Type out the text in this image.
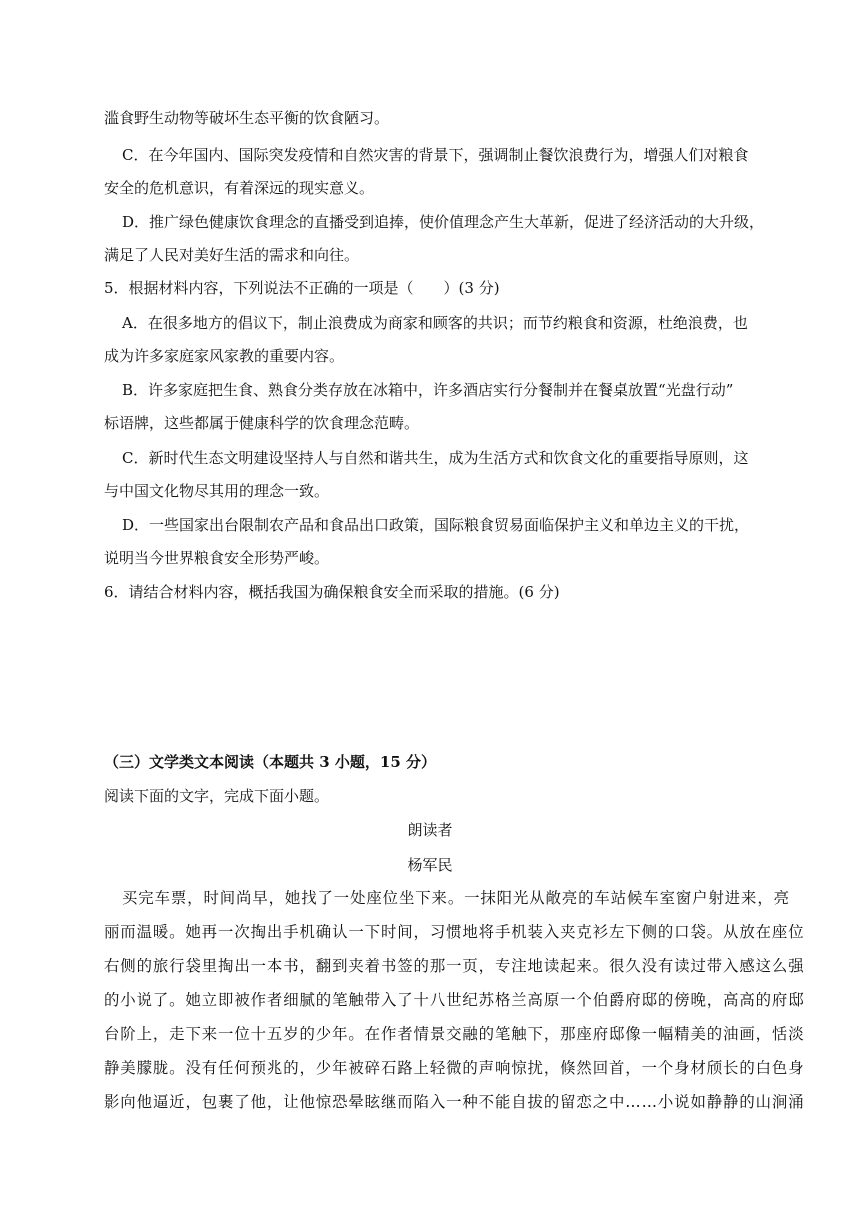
滥食野生动物等破坏生态平衡的饮食陋习。
C．在今年国内、国际突发疫情和自然灾害的背景下，强调制止餐饮浪费行为，增强人们对粮食
安全的危机意识，有着深远的现实意义。
D．推广绿色健康饮食理念的直播受到追捧，使价值理念产生大革新，促进了经济活动的大升级，
满足了人民对美好生活的需求和向往。
5．根据材料内容，下列说法不正确的一项是（　　）(3 分)
A．在很多地方的倡议下，制止浪费成为商家和顾客的共识；而节约粮食和资源，杜绝浪费，也
成为许多家庭家风家教的重要内容。
B．许多家庭把生食、熟食分类存放在冰箱中，许多酒店实行分餐制并在餐桌放置“光盘行动”
标语牌，这些都属于健康科学的饮食理念范畴。
C．新时代生态文明建设坚持人与自然和谐共生，成为生活方式和饮食文化的重要指导原则，这
与中国文化物尽其用的理念一致。
D．一些国家出台限制农产品和食品出口政策，国际粮食贸易面临保护主义和单边主义的干扰，
说明当今世界粮食安全形势严峻。
6．请结合材料内容，概括我国为确保粮食安全而采取的措施。(6 分)
（三）文学类文本阅读（本题共 3 小题，15 分）
阅读下面的文字，完成下面小题。
朗读者
杨军民
买完车票，时间尚早，她找了一处座位坐下来。一抹阳光从敞亮的车站候车室窗户射进来，亮
丽而温暖。她再一次掏出手机确认一下时间，习惯地将手机装入夹克衫左下侧的口袋。从放在座位
右侧的旅行袋里掏出一本书，翻到夹着书签的那一页，专注地读起来。很久没有读过带入感这么强
的小说了。她立即被作者细腻的笔触带入了十八世纪苏格兰高原一个伯爵府邸的傍晚，高高的府邸
台阶上，走下来一位十五岁的少年。在作者情景交融的笔触下，那座府邸像一幅精美的油画，恬淡
静美朦胧。没有任何预兆的，少年被碎石路上轻微的声响惊扰，倏然回首，一个身材颀长的白色身
影向他逼近，包裹了他，让他惊恐晕眩继而陷入一种不能自拔的留恋之中……小说如静静的山涧涌
